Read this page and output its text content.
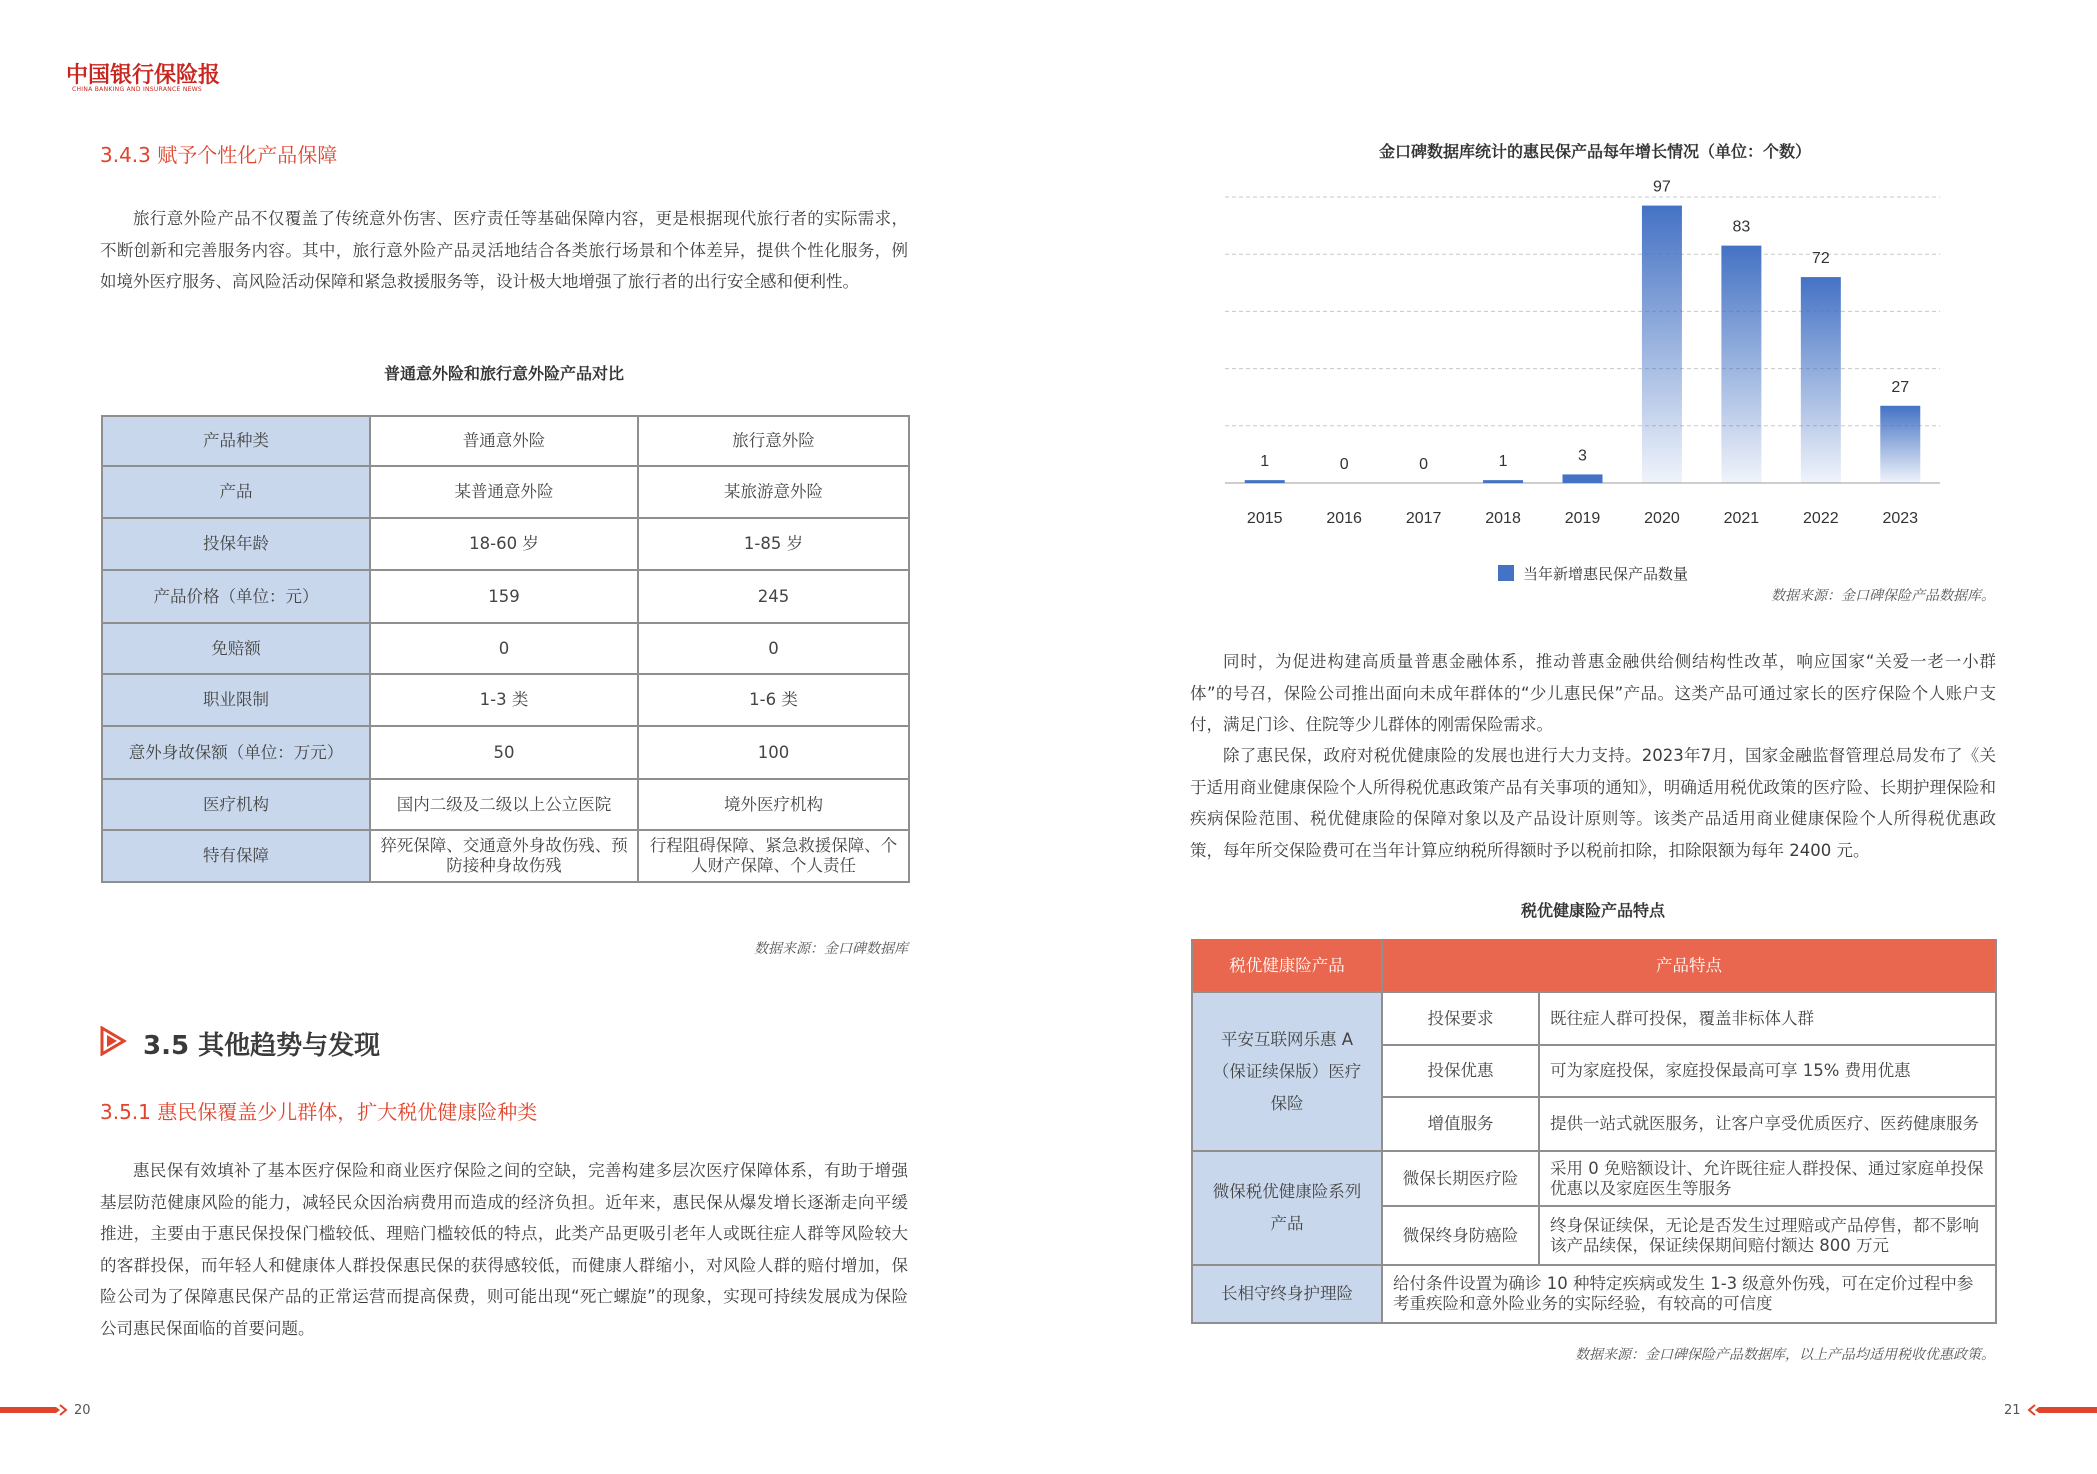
中国银行保险报
CHINA BANKING AND INSURANCE NEWS
3.4.3 赋予个性化产品保障
旅行意外险产品不仅覆盖了传统意外伤害、医疗责任等基础保障内容，更是根据现代旅行者的实际需求，不断创新和完善服务内容。其中，旅行意外险产品灵活地结合各类旅行场景和个体差异，提供个性化服务，例如境外医疗服务、高风险活动保障和紧急救援服务等，设计极大地增强了旅行者的出行安全感和便利性。
普通意外险和旅行意外险产品对比
产品种类	普通意外险	旅行意外险
产品	某普通意外险	某旅游意外险
投保年龄	18-60 岁	1-85 岁
产品价格（单位：元）	159	245
免赔额	0	0
职业限制	1-3 类	1-6 类
意外身故保额（单位：万元）	50	100
医疗机构	国内二级及二级以上公立医院	境外医疗机构
特有保障	猝死保障、交通意外身故伤残、预防接种身故伤残	行程阻碍保障、紧急救援保障、个人财产保障、个人责任
数据来源：金口碑数据库
3.5 其他趋势与发现
3.5.1 惠民保覆盖少儿群体，扩大税优健康险种类
惠民保有效填补了基本医疗保险和商业医疗保险之间的空缺，完善构建多层次医疗保障体系，有助于增强基层防范健康风险的能力，减轻民众因治病费用而造成的经济负担。近年来，惠民保从爆发增长逐渐走向平缓推进，主要由于惠民保投保门槛较低、理赔门槛较低的特点，此类产品更吸引老年人或既往症人群等风险较大的客群投保，而年轻人和健康体人群投保惠民保的获得感较低，而健康人群缩小，对风险人群的赔付增加，保险公司为了保障惠民保产品的正常运营而提高保费，则可能出现“死亡螺旋”的现象，实现可持续发展成为保险公司惠民保面临的首要问题。
20
金口碑数据库统计的惠民保产品每年增长情况（单位：个数）
1	0	0	1	3
97
83
72
27
2015	2016	2017	2018	2019	2020	2021	2022	2023
当年新增惠民保产品数量
数据来源：金口碑保险产品数据库。
同时，为促进构建高质量普惠金融体系，推动普惠金融供给侧结构性改革，响应国家“关爱一老一小群体”的号召，保险公司推出面向未成年群体的“少儿惠民保”产品。这类产品可通过家长的医疗保险个人账户支付，满足门诊、住院等少儿群体的刚需保险需求。
除了惠民保，政府对税优健康险的发展也进行大力支持。2023年7月，国家金融监督管理总局发布了《关于适用商业健康保险个人所得税优惠政策产品有关事项的通知》，明确适用税优政策的医疗险、长期护理保险和疾病保险范围、税优健康险的保障对象以及产品设计原则等。该类产品适用商业健康保险个人所得税优惠政策，每年所交保险费可在当年计算应纳税所得额时予以税前扣除，扣除限额为每年 2400 元。
税优健康险产品特点
税优健康险产品	产品特点	
平安互联网乐惠 A（保证续保版）医疗保险	投保要求	既往症人群可投保，覆盖非标体人群
	投保优惠	可为家庭投保，家庭投保最高可享 15% 费用优惠
	增值服务	提供一站式就医服务，让客户享受优质医疗、医药健康服务
微保税优健康险系列产品	微保长期医疗险	采用 0 免赔额设计、允许既往症人群投保、通过家庭单投保优惠以及家庭医生等服务
	微保终身防癌险	终身保证续保，无论是否发生过理赔或产品停售，都不影响该产品续保，保证续保期间赔付额达 800 万元
长相守终身护理险	给付条件设置为确诊 10 种特定疾病或发生 1-3 级意外伤残，可在定价过程中参考重疾险和意外险业务的实际经验，有较高的可信度	
数据来源：金口碑保险产品数据库，以上产品均适用税收优惠政策。
21
